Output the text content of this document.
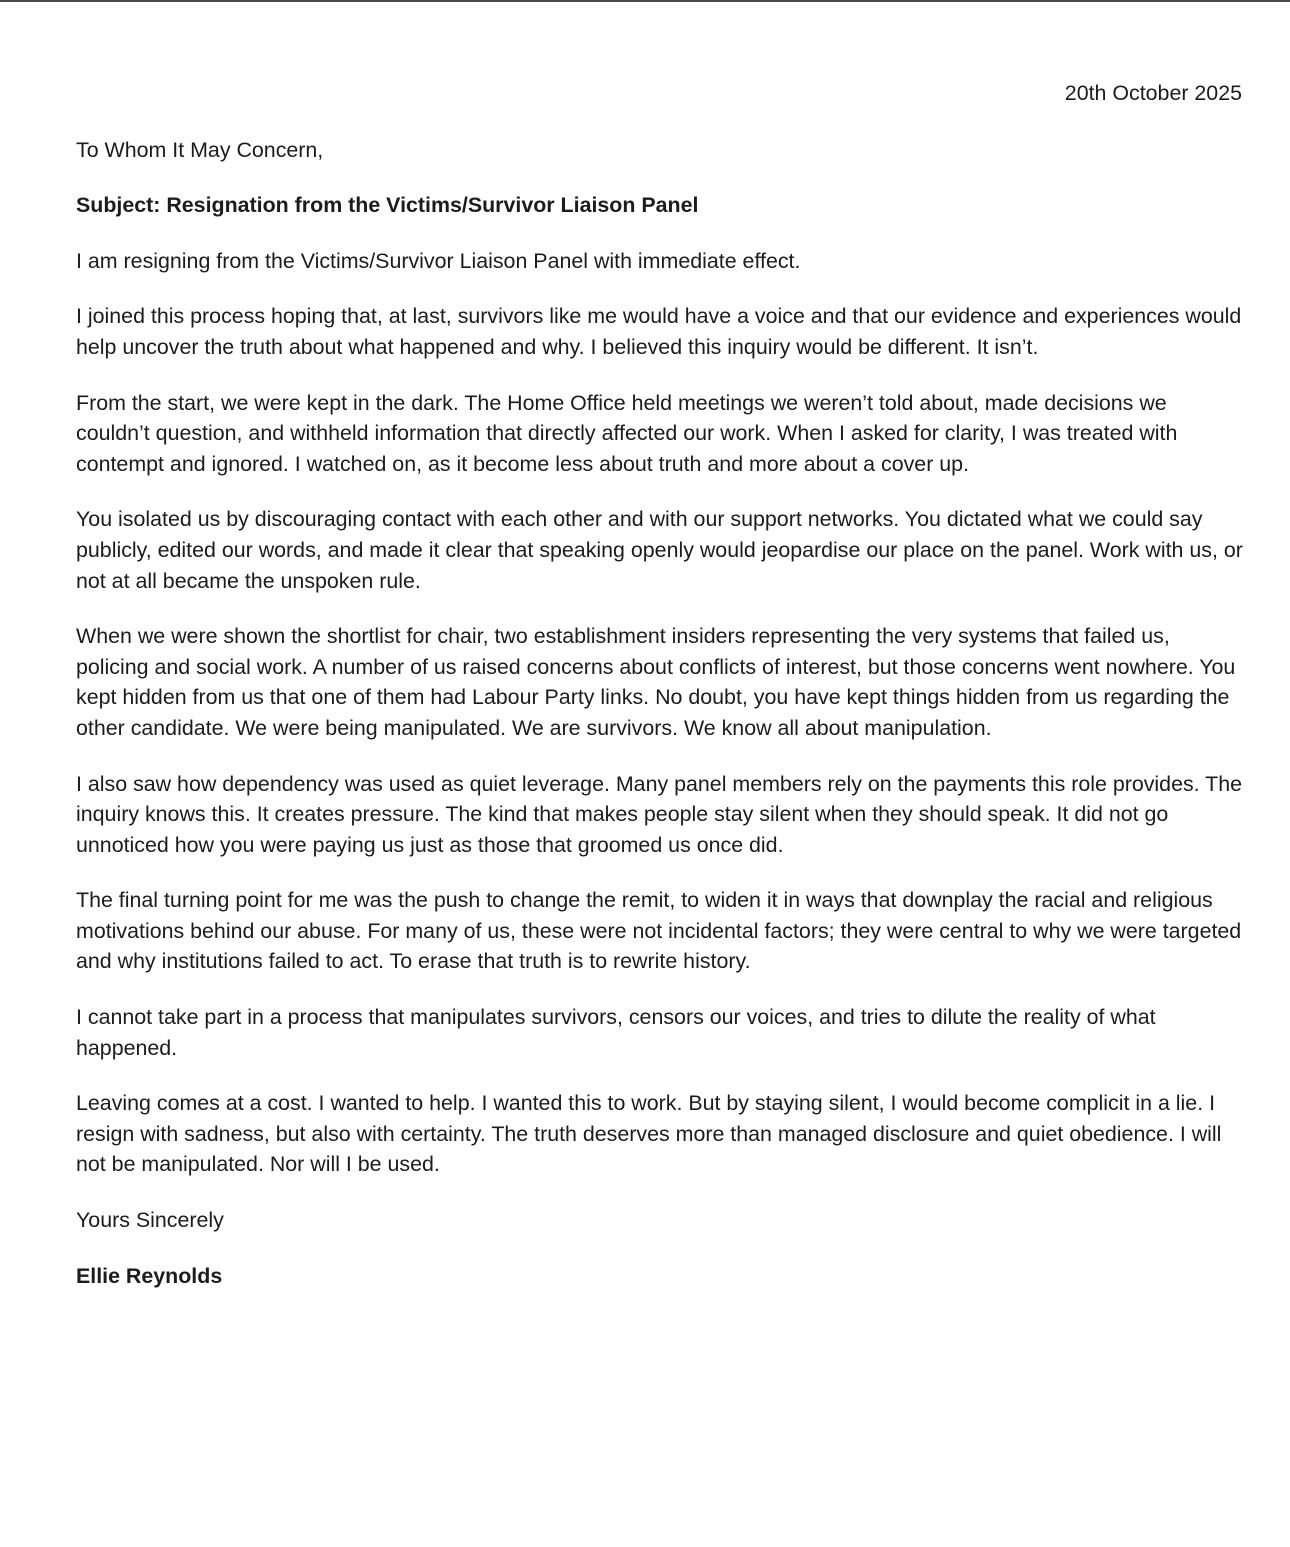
20th October 2025

To Whom It May Concern,

Subject: Resignation from the Victims/Survivor Liaison Panel

I am resigning from the Victims/Survivor Liaison Panel with immediate effect.

I joined this process hoping that, at last, survivors like me would have a voice and that our evidence and experiences would help uncover the truth about what happened and why. I believed this inquiry would be different. It isn’t.

From the start, we were kept in the dark. The Home Office held meetings we weren’t told about, made decisions we couldn’t question, and withheld information that directly affected our work. When I asked for clarity, I was treated with contempt and ignored. I watched on, as it become less about truth and more about a cover up.

You isolated us by discouraging contact with each other and with our support networks. You dictated what we could say publicly, edited our words, and made it clear that speaking openly would jeopardise our place on the panel. Work with us, or not at all became the unspoken rule.

When we were shown the shortlist for chair, two establishment insiders representing the very systems that failed us, policing and social work. A number of us raised concerns about conflicts of interest, but those concerns went nowhere. You kept hidden from us that one of them had Labour Party links. No doubt, you have kept things hidden from us regarding the other candidate. We were being manipulated. We are survivors. We know all about manipulation.

I also saw how dependency was used as quiet leverage. Many panel members rely on the payments this role provides. The inquiry knows this. It creates pressure. The kind that makes people stay silent when they should speak. It did not go unnoticed how you were paying us just as those that groomed us once did.

The final turning point for me was the push to change the remit, to widen it in ways that downplay the racial and religious motivations behind our abuse. For many of us, these were not incidental factors; they were central to why we were targeted and why institutions failed to act. To erase that truth is to rewrite history.

I cannot take part in a process that manipulates survivors, censors our voices, and tries to dilute the reality of what happened.

Leaving comes at a cost. I wanted to help. I wanted this to work. But by staying silent, I would become complicit in a lie. I resign with sadness, but also with certainty. The truth deserves more than managed disclosure and quiet obedience. I will not be manipulated. Nor will I be used.

Yours Sincerely

Ellie Reynolds
